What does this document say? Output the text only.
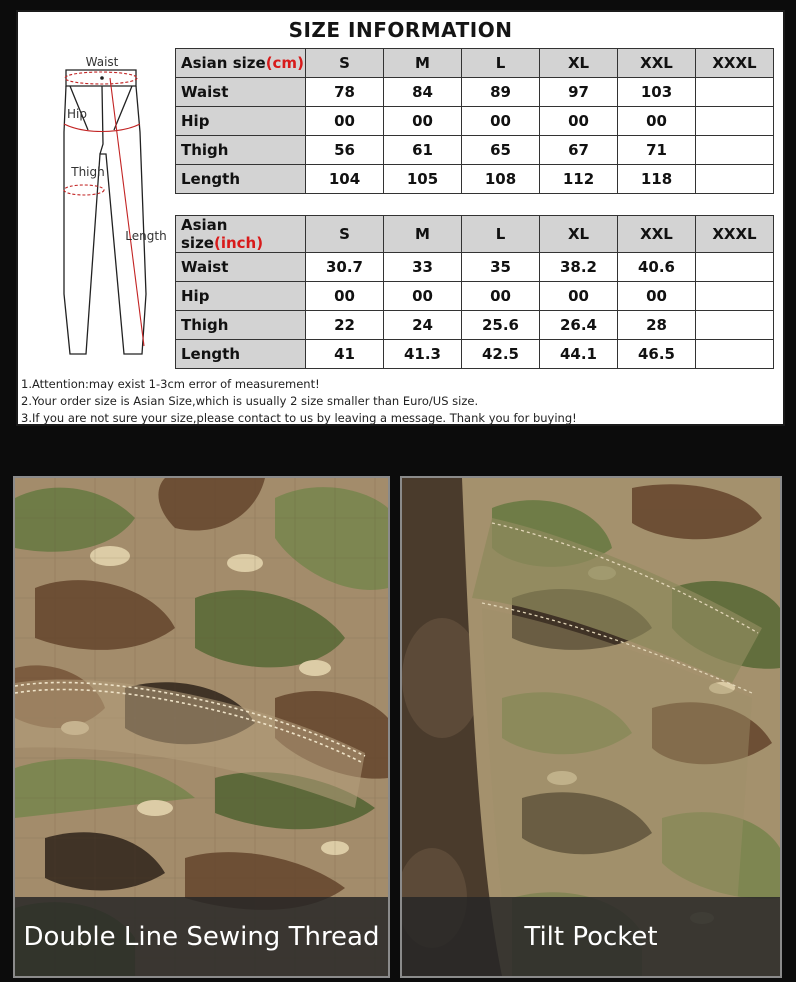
SIZE INFORMATION
Waist
Hip
Thigh
Length
Asian size(cm)	S	M	L	XL	XXL	XXXL
Waist	78	84	89	97	103	
Hip	00	00	00	00	00	
Thigh	56	61	65	67	71	
Length	104	105	108	112	118	
Asian size(inch)	S	M	L	XL	XXL	XXXL
Waist	30.7	33	35	38.2	40.6	
Hip	00	00	00	00	00	
Thigh	22	24	25.6	26.4	28	
Length	41	41.3	42.5	44.1	46.5	
1.Attention:may exist 1-3cm error of measurement!
2.Your order size is Asian Size,which is usually 2 size smaller than Euro/US size.
3.If you are not sure your size,please contact to us by leaving a message. Thank you for buying!
Double Line Sewing Thread	Tilt Pocket
